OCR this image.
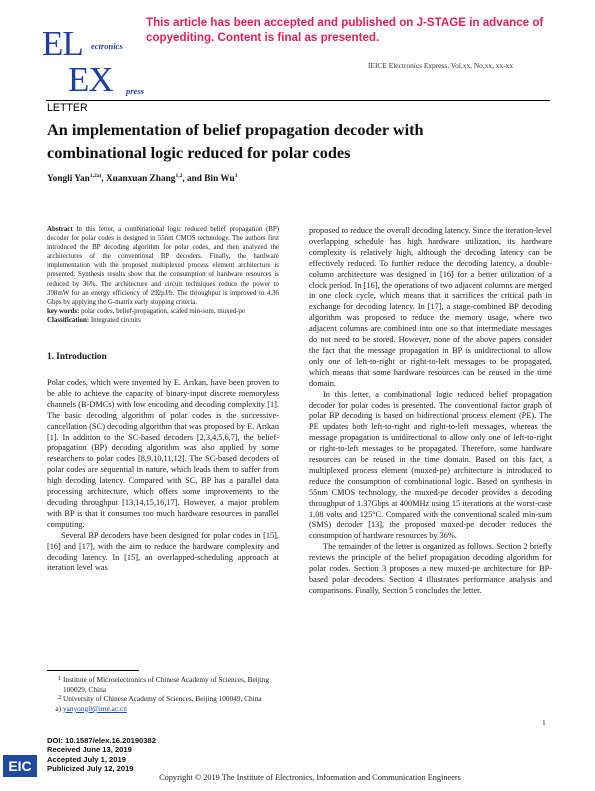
This article has been accepted and published on J-STAGE in advance of copyediting. Content is final as presented.
EL ectronics
EX press
IEICE Electronics Express, Vol.xx, No.xx, xx-xx
LETTER
An implementation of belief propagation decoder with
combinational logic reduced for polar codes
Yongli Yan$^{1,2a)}$, Xuanxuan Zhang$^{1,2}$, and Bin Wu$^1$
Abstract In this letter, a combinational logic reduced belief propagation (BP) decoder for polar codes is designed in 55nm CMOS technology. The authors first introduced the BP decoding algorithm for polar codes, and then analyzed the architectures of the conventional BP decoders. Finally, the hardware implementation with the proposed multiplexed process element architecture is presented. Synthesis results show that the consumption of hardware resources is reduced by 36%. The architecture and circuit techniques reduce the power to 398mW for an energy efficiency of 292pJ/b. The throughput is improved to 4.36 Gbps by applying the G-matrix early stopping criteria.
key words: polar codes, belief-propagation, scaled min-sum, muxed-pe
Classification: Integrated circuits
1. Introduction
Polar codes, which were invented by E. Arıkan, have been proven to be able to achieve the capacity of binary-input discrete memoryless channels (B-DMCs) with low encoding and decoding complexity [1]. The basic decoding algorithm of polar codes is the successive-cancellation (SC) decoding algorithm that was proposed by E. Arıkan [1]. In addition to the SC-based decoders [2,3,4,5,6,7], the belief-propagation (BP) decoding algorithm was also applied by some researchers to polar codes [8,9,10,11,12]. The SC-based decoders of polar codes are sequential in nature, which leads them to suffer from high decoding latency. Compared with SC, BP has a parallel data processing architecture, which offers some improvements to the decoding throughput [13,14,15,16,17]. However, a major problem with BP is that it consumes too much hardware resources in parallel computing.
Several BP decoders have been designed for polar codes in [15], [16] and [17], with the aim to reduce the hardware complexity and decoding latency. In [15], an overlapped-scheduling approach at iteration level was
proposed to reduce the overall decoding latency. Since the iteration-level overlapping schedule has high hardware utilization, its hardware complexity is relatively high, although the decoding latency can be effectively reduced. To further reduce the decoding latency, a double-column architecture was designed in [16] for a better utilization of a clock period. In [16], the operations of two adjacent columns are merged in one clock cycle, which means that it sacrifices the critical path in exchange for decoding latency. In [17], a stage-combined BP decoding algorithm was proposed to reduce the memory usage, where two adjacent columns are combined into one so that intermediate messages do not need to be stored. However, none of the above papers consider the fact that the message propagation in BP is unidirectional to allow only one of left-to-right or right-to-left messages to be propagated, which means that some hardware resources can be reused in the time domain.
In this letter, a combinational logic reduced belief propagation decoder for polar codes is presented. The conventional factor graph of polar BP decoding is based on bidirectional process element (PE). The PE updates both left-to-right and right-to-left messages, whereas the message propagation is unidirectional to allow only one of left-to-right or right-to-left messages to be propagated. Therefore, some hardware resources can be reused in the time domain. Based on this fact, a multiplexed process element (muxed-pe) architecture is introduced to reduce the consumption of combinational logic. Based on synthesis in 55nm CMOS technology, the muxed-pe decoder provides a decoding throughput of 1.37Gbps at 400MHz using 15 iterations at the worst-case 1.08 volts and 125°C. Compared with the conventional scaled min-sum (SMS) decoder [13], the proposed muxed-pe decoder reduces the consumption of hardware resources by 36%.
The remainder of the letter is organized as follows. Section 2 briefly reviews the principle of the belief propagation decoding algorithm for polar codes. Section 3 proposes a new muxed-pe architecture for BP-based polar decoders. Section 4 illustrates performance analysis and comparisons. Finally, Section 5 concludes the letter.
1 Institute of Microelectronics of Chinese Academy of Sciences, Beijing 100029, China
2 University of Chinese Academy of Sciences, Beijing 100049, China
a) yanyongli@ime.ac.cn
DOI: 10.1587/elex.16.20190382
Received June 13, 2019
Accepted July 1, 2019
Publicized July 12, 2019
EIC
1
Copyright © 2019 The Institute of Electronics, Information and Communication Engineers
